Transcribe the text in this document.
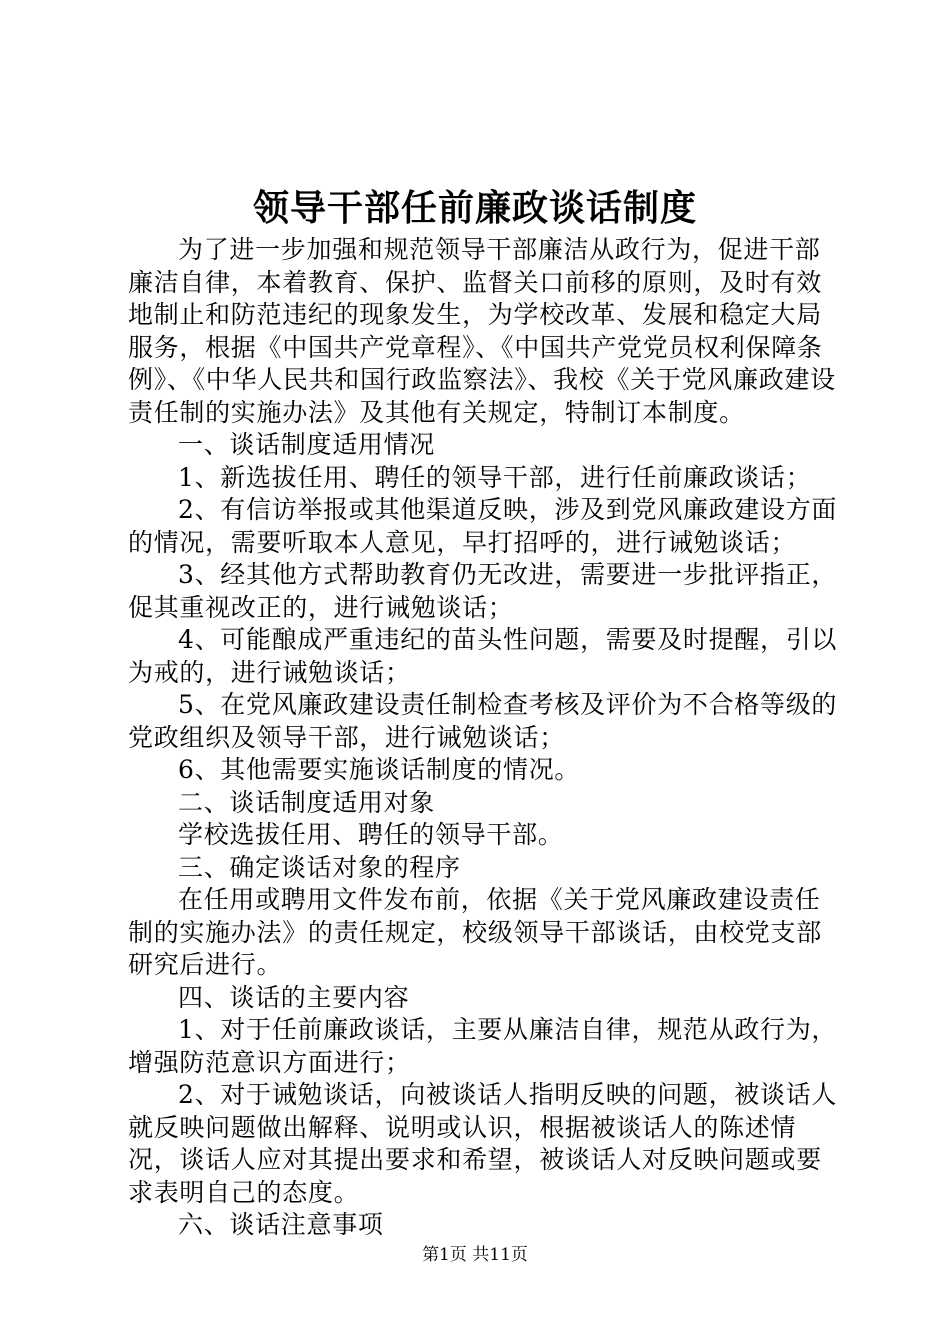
领导干部任前廉政谈话制度

为了进一步加强和规范领导干部廉洁从政行为，促进干部廉洁自律，本着教育、保护、监督关口前移的原则，及时有效地制止和防范违纪的现象发生，为学校改革、发展和稳定大局服务，根据《中国共产党章程》、《中国共产党党员权利保障条例》、《中华人民共和国行政监察法》、我校《关于党风廉政建设责任制的实施办法》及其他有关规定，特制订本制度。

一、谈话制度适用情况

1、新选拔任用、聘任的领导干部，进行任前廉政谈话；

2、有信访举报或其他渠道反映，涉及到党风廉政建设方面的情况，需要听取本人意见，早打招呼的，进行诫勉谈话；

3、经其他方式帮助教育仍无改进，需要进一步批评指正，促其重视改正的，进行诫勉谈话；

4、可能酿成严重违纪的苗头性问题，需要及时提醒，引以为戒的，进行诫勉谈话；

5、在党风廉政建设责任制检查考核及评价为不合格等级的党政组织及领导干部，进行诫勉谈话；

6、其他需要实施谈话制度的情况。

二、谈话制度适用对象

学校选拔任用、聘任的领导干部。

三、确定谈话对象的程序

在任用或聘用文件发布前，依据《关于党风廉政建设责任制的实施办法》的责任规定，校级领导干部谈话，由校党支部研究后进行。

四、谈话的主要内容

1、对于任前廉政谈话，主要从廉洁自律，规范从政行为，增强防范意识方面进行；

2、对于诫勉谈话，向被谈话人指明反映的问题，被谈话人就反映问题做出解释、说明或认识，根据被谈话人的陈述情况，谈话人应对其提出要求和希望，被谈话人对反映问题或要求表明自己的态度。

六、谈话注意事项

第1页 共11页
